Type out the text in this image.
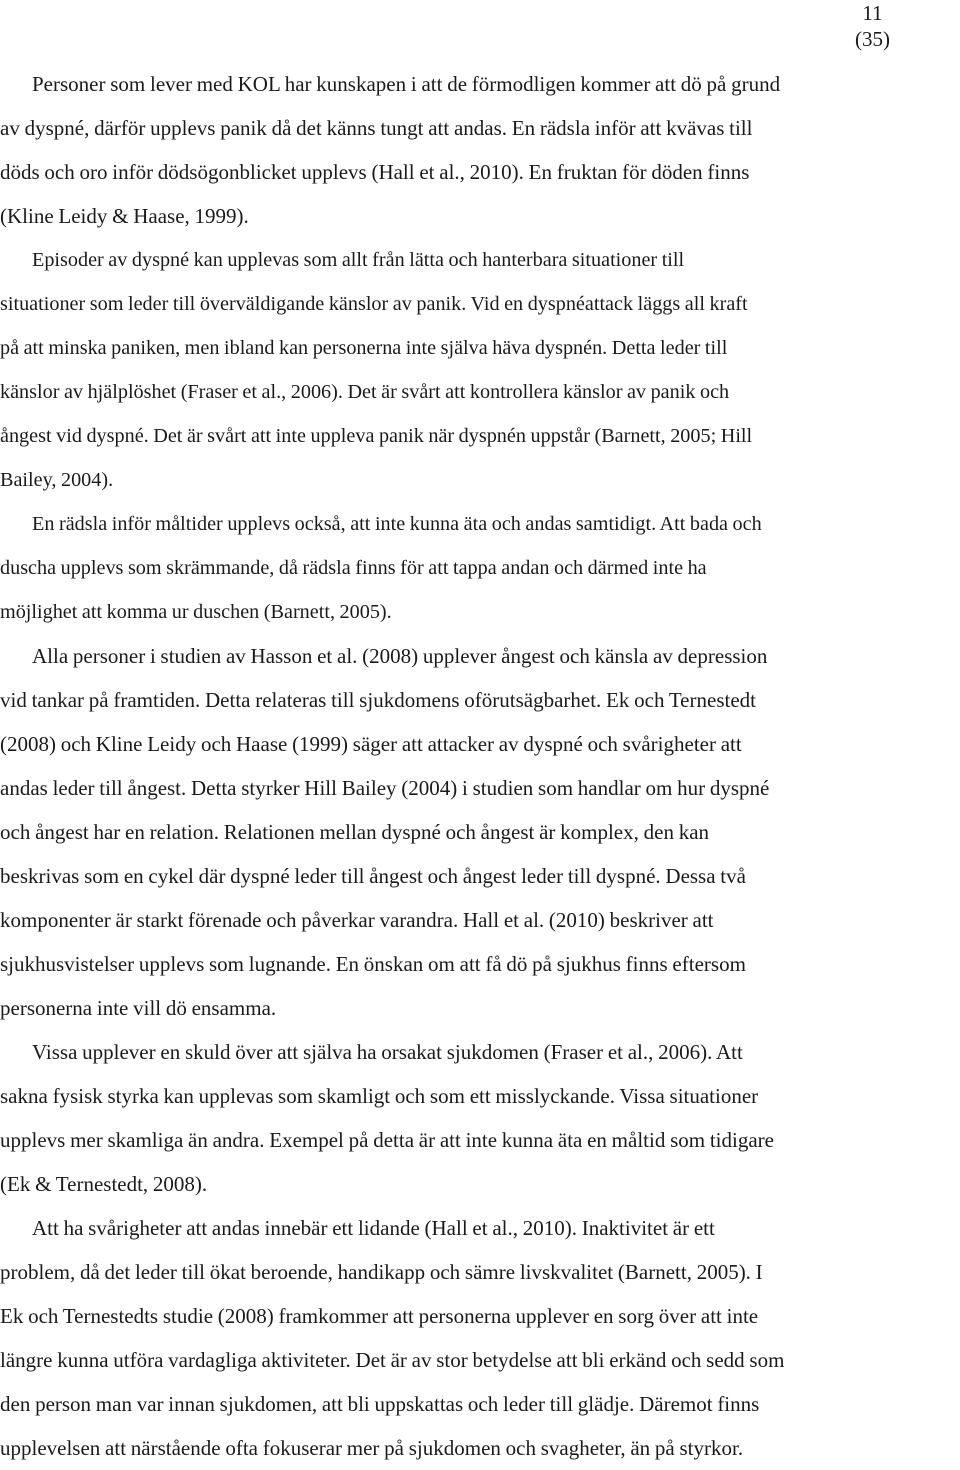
11
(35)

Personer som lever med KOL har kunskapen i att de förmodligen kommer att dö på grund
av dyspné, därför upplevs panik då det känns tungt att andas. En rädsla inför att kvävas till
döds och oro inför dödsögonblicket upplevs (Hall et al., 2010). En fruktan för döden finns
(Kline Leidy & Haase, 1999).

Episoder av dyspné kan upplevas som allt från lätta och hanterbara situationer till
situationer som leder till överväldigande känslor av panik. Vid en dyspnéattack läggs all kraft
på att minska paniken, men ibland kan personerna inte själva häva dyspnén. Detta leder till
känslor av hjälplöshet (Fraser et al., 2006). Det är svårt att kontrollera känslor av panik och
ångest vid dyspné. Det är svårt att inte uppleva panik när dyspnén uppstår (Barnett, 2005; Hill
Bailey, 2004).

En rädsla inför måltider upplevs också, att inte kunna äta och andas samtidigt. Att bada och
duscha upplevs som skrämmande, då rädsla finns för att tappa andan och därmed inte ha
möjlighet att komma ur duschen (Barnett, 2005).

Alla personer i studien av Hasson et al. (2008) upplever ångest och känsla av depression
vid tankar på framtiden. Detta relateras till sjukdomens oförutsägbarhet. Ek och Ternestedt
(2008) och Kline Leidy och Haase (1999) säger att attacker av dyspné och svårigheter att
andas leder till ångest. Detta styrker Hill Bailey (2004) i studien som handlar om hur dyspné
och ångest har en relation. Relationen mellan dyspné och ångest är komplex, den kan
beskrivas som en cykel där dyspné leder till ångest och ångest leder till dyspné. Dessa två
komponenter är starkt förenade och påverkar varandra. Hall et al. (2010) beskriver att
sjukhusvistelser upplevs som lugnande. En önskan om att få dö på sjukhus finns eftersom
personerna inte vill dö ensamma.

Vissa upplever en skuld över att själva ha orsakat sjukdomen (Fraser et al., 2006). Att
sakna fysisk styrka kan upplevas som skamligt och som ett misslyckande. Vissa situationer
upplevs mer skamliga än andra. Exempel på detta är att inte kunna äta en måltid som tidigare
(Ek & Ternestedt, 2008).

Att ha svårigheter att andas innebär ett lidande (Hall et al., 2010). Inaktivitet är ett
problem, då det leder till ökat beroende, handikapp och sämre livskvalitet (Barnett, 2005). I
Ek och Ternestedts studie (2008) framkommer att personerna upplever en sorg över att inte
längre kunna utföra vardagliga aktiviteter. Det är av stor betydelse att bli erkänd och sedd som
den person man var innan sjukdomen, att bli uppskattas och leder till glädje. Däremot finns
upplevelsen att närstående ofta fokuserar mer på sjukdomen och svagheter, än på styrkor.
